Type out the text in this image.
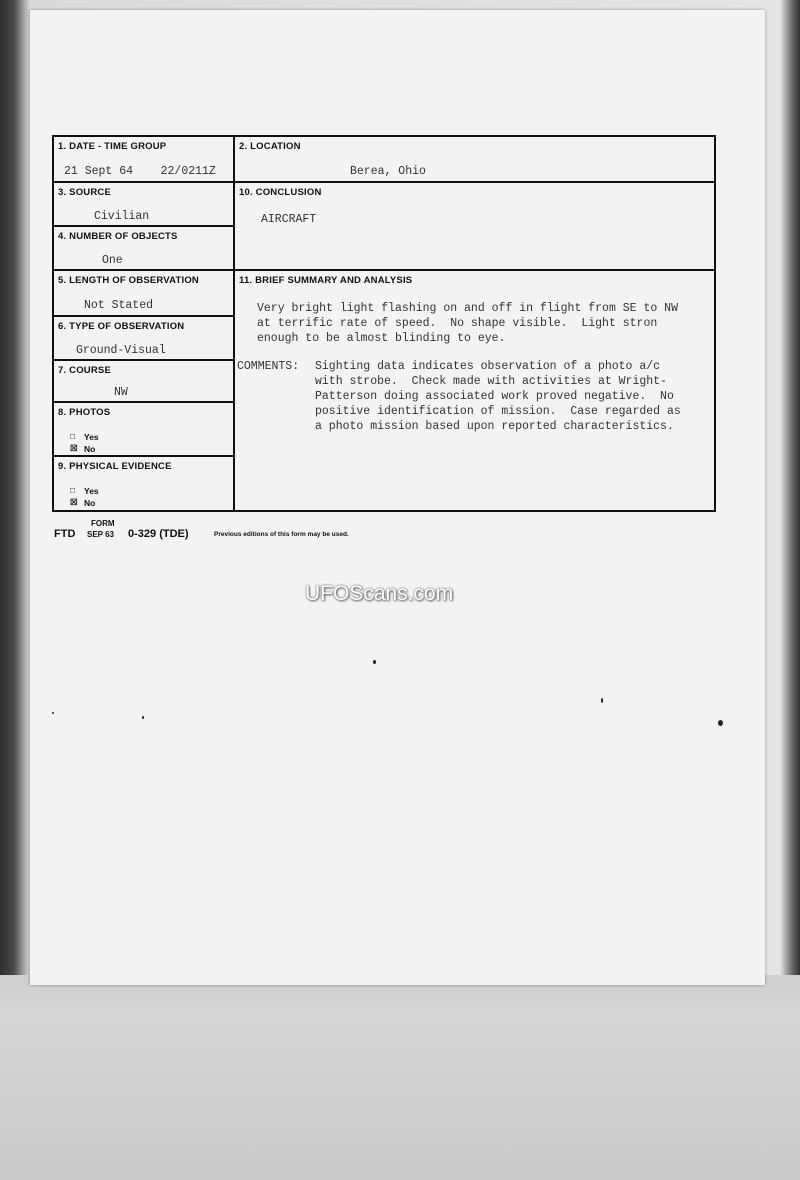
1. DATE - TIME GROUP
21 Sept 64    22/0211Z
2. LOCATION
Berea, Ohio
3. SOURCE
Civilian
10. CONCLUSION
AIRCRAFT
4. NUMBER OF OBJECTS
One
5. LENGTH OF OBSERVATION
Not Stated
6. TYPE OF OBSERVATION
Ground-Visual
7. COURSE
NW
8. PHOTOS
□ Yes
☒ No
9. PHYSICAL EVIDENCE
□ Yes
☒ No
11. BRIEF SUMMARY AND ANALYSIS
Very bright light flashing on and off in flight from SE to NW
at terrific rate of speed.  No shape visible.  Light stron
enough to be almost blinding to eye.
COMMENTS: Sighting data indicates observation of a photo a/c
with strobe.  Check made with activities at Wright-
Patterson doing associated work proved negative.  No
positive identification of mission.  Case regarded as
a photo mission based upon reported characteristics.
FORM
FTD SEP 63 0-329 (TDE)	Previous editions of this form may be used.
UFOScans.com
